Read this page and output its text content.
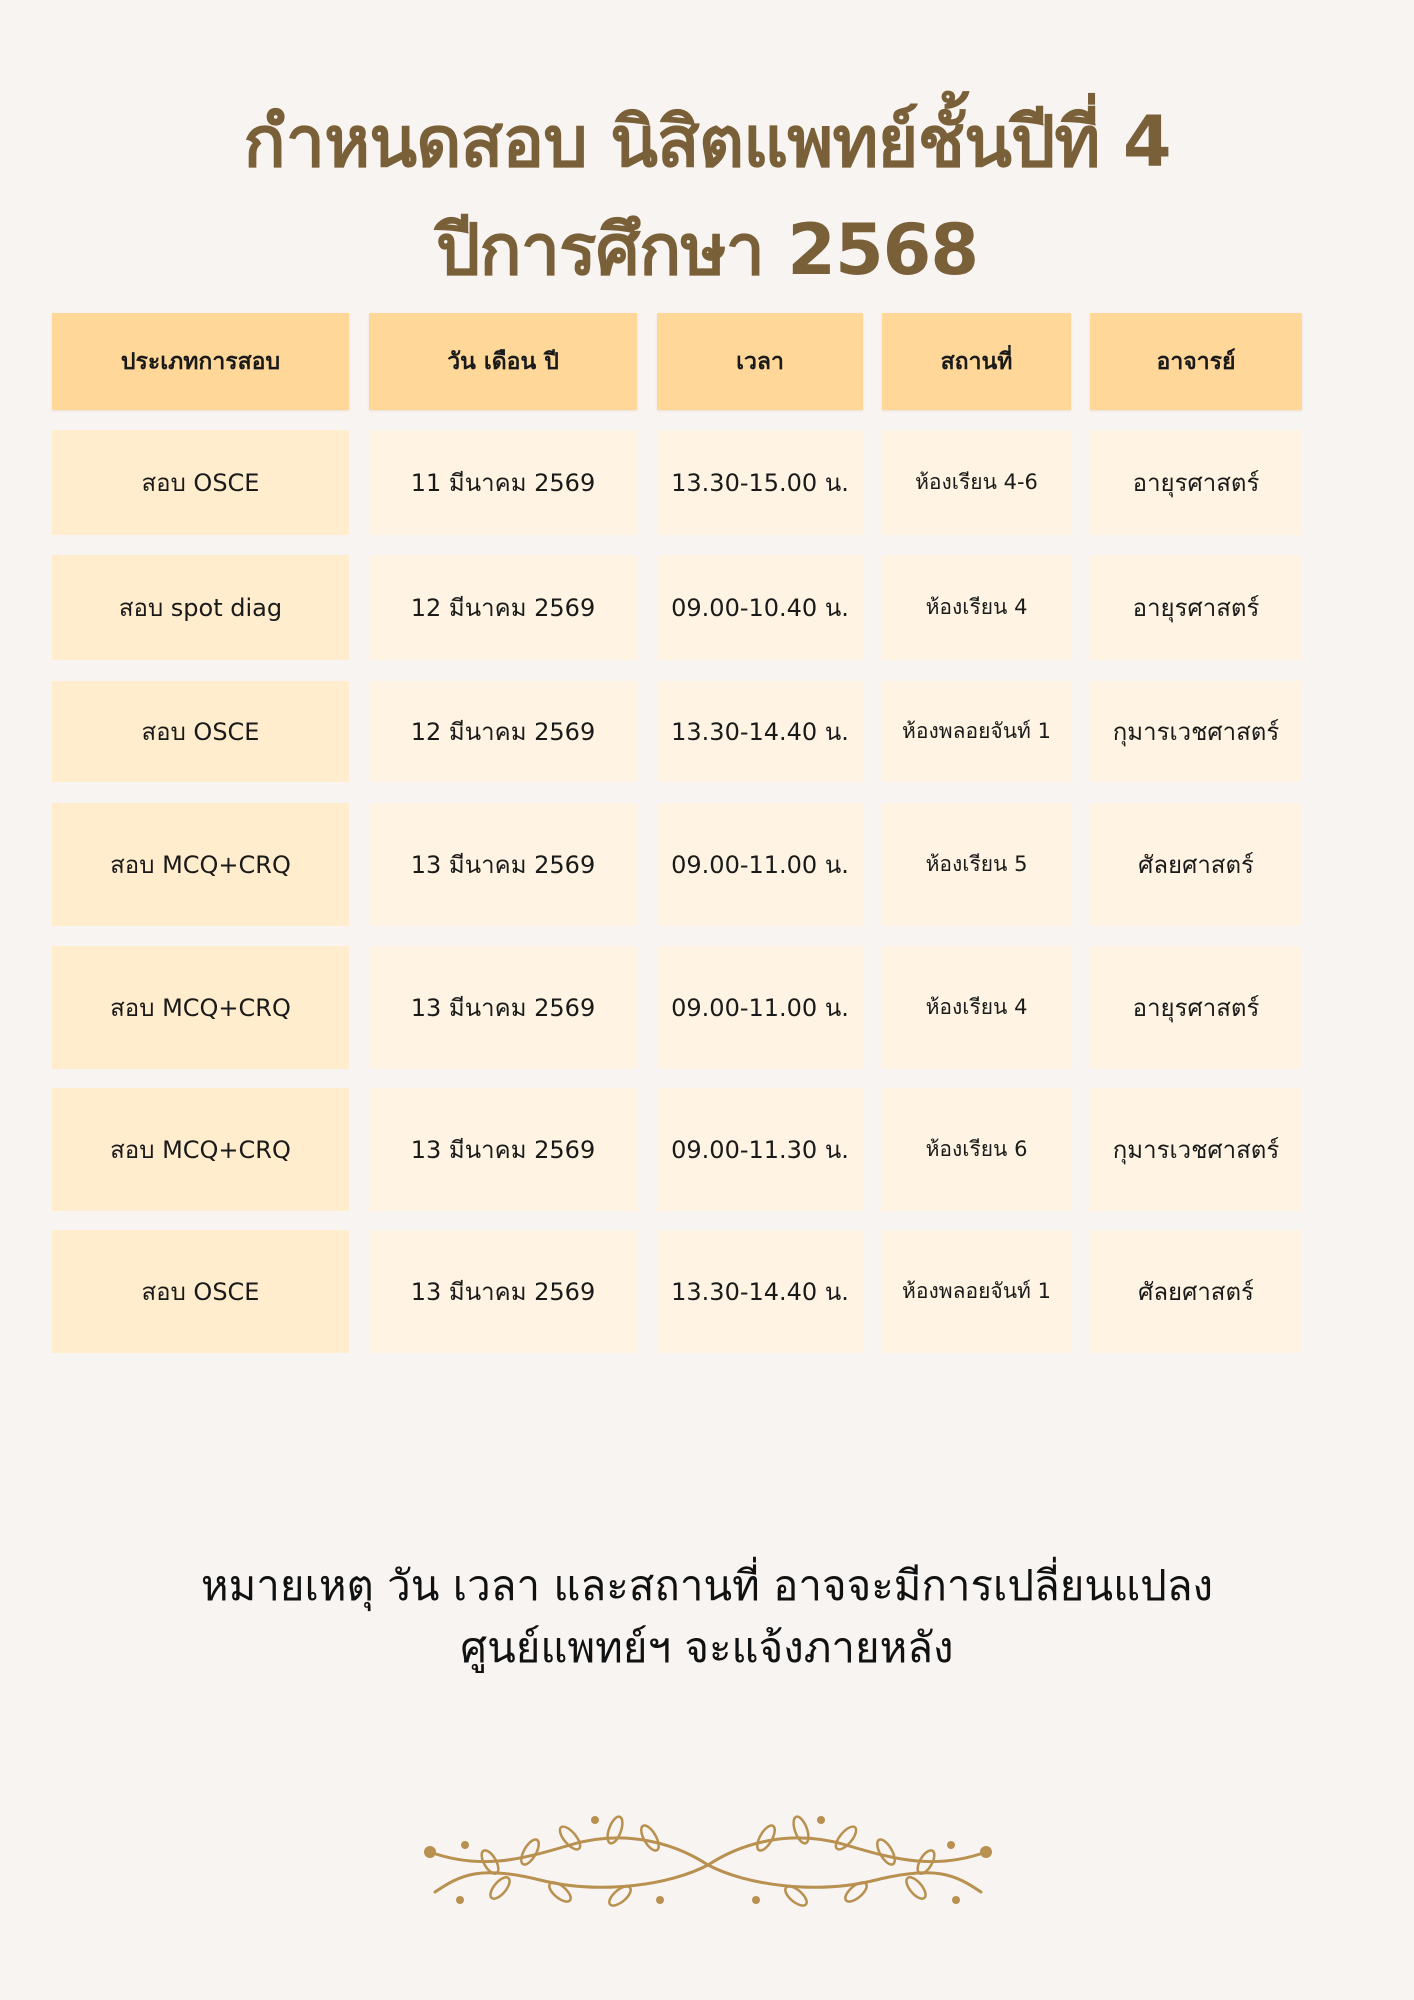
กำหนดสอบ นิสิตแพทย์ชั้นปีที่ 4
ปีการศึกษา 2568
ประเภทการสอบ	วัน เดือน ปี	เวลา	สถานที่	อาจารย์
สอบ OSCE	11 มีนาคม 2569	13.30-15.00 น.	ห้องเรียน 4-6	อายุรศาสตร์
สอบ spot diag	12 มีนาคม 2569	09.00-10.40 น.	ห้องเรียน 4	อายุรศาสตร์
สอบ OSCE	12 มีนาคม 2569	13.30-14.40 น.	ห้องพลอยจันท์ 1	กุมารเวชศาสตร์
สอบ MCQ+CRQ	13 มีนาคม 2569	09.00-11.00 น.	ห้องเรียน 5	ศัลยศาสตร์
สอบ MCQ+CRQ	13 มีนาคม 2569	09.00-11.00 น.	ห้องเรียน 4	อายุรศาสตร์
สอบ MCQ+CRQ	13 มีนาคม 2569	09.00-11.30 น.	ห้องเรียน 6	กุมารเวชศาสตร์
สอบ OSCE	13 มีนาคม 2569	13.30-14.40 น.	ห้องพลอยจันท์ 1	ศัลยศาสตร์
หมายเหตุ วัน เวลา และสถานที่ อาจจะมีการเปลี่ยนแปลง
ศูนย์แพทย์ฯ จะแจ้งภายหลัง
